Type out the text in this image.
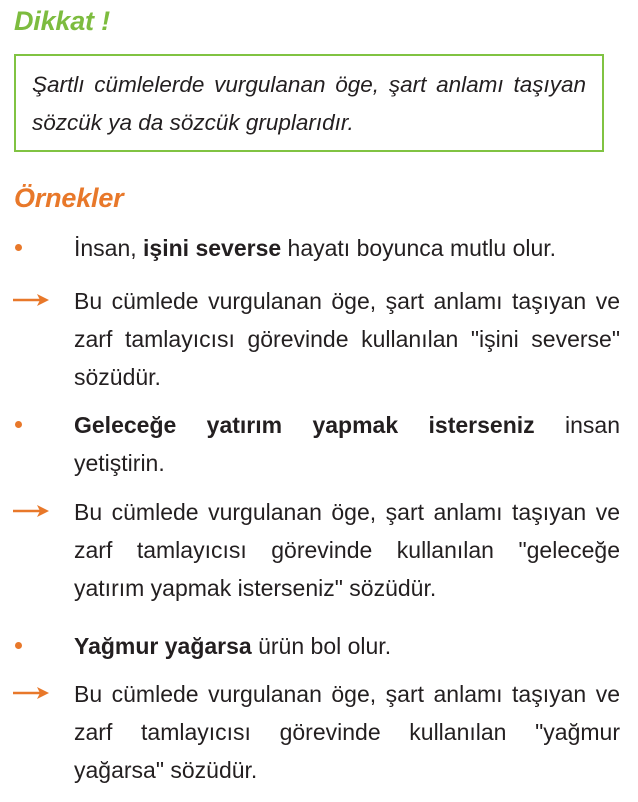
Dikkat !
Şartlı cümlelerde vurgulanan öge, şart anlamı taşıyan sözcük ya da sözcük gruplarıdır.
Örnekler
İnsan, işini severse hayatı boyunca mutlu olur.
Bu cümlede vurgulanan öge, şart anlamı taşıyan ve zarf tamlayıcısı görevinde kullanılan "işini severse" sözüdür.
Geleceğe yatırım yapmak isterseniz insan yetiştirin.
Bu cümlede vurgulanan öge, şart anlamı taşıyan ve zarf tamlayıcısı görevinde kullanılan "geleceğe yatırım yapmak isterseniz" sözüdür.
Yağmur yağarsa ürün bol olur.
Bu cümlede vurgulanan öge, şart anlamı taşıyan ve zarf tamlayıcısı görevinde kullanılan "yağmur yağarsa" sözüdür.
